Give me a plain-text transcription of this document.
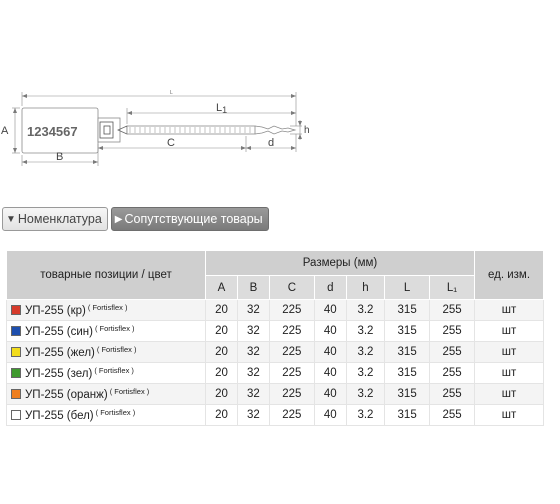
1234567
L
L1
A
B
C	d
h
▼ Номенклатура ▶ Сопутствующие товары
товарные позиции / цвет	Размеры (мм)							ед. изм.
	A	B	C	d	h	L	L₁	
УП-255 (кр) $^{( Fortisflex )}$	20	32	225	40	3.2	315	255	шт
УП-255 (син) $^{( Fortisflex )}$	20	32	225	40	3.2	315	255	шт
УП-255 (жел) $^{( Fortisflex )}$	20	32	225	40	3.2	315	255	шт
УП-255 (зел) $^{( Fortisflex )}$	20	32	225	40	3.2	315	255	шт
УП-255 (оранж) $^{( Fortisflex )}$	20	32	225	40	3.2	315	255	шт
УП-255 (бел) $^{( Fortisflex )}$	20	32	225	40	3.2	315	255	шт
